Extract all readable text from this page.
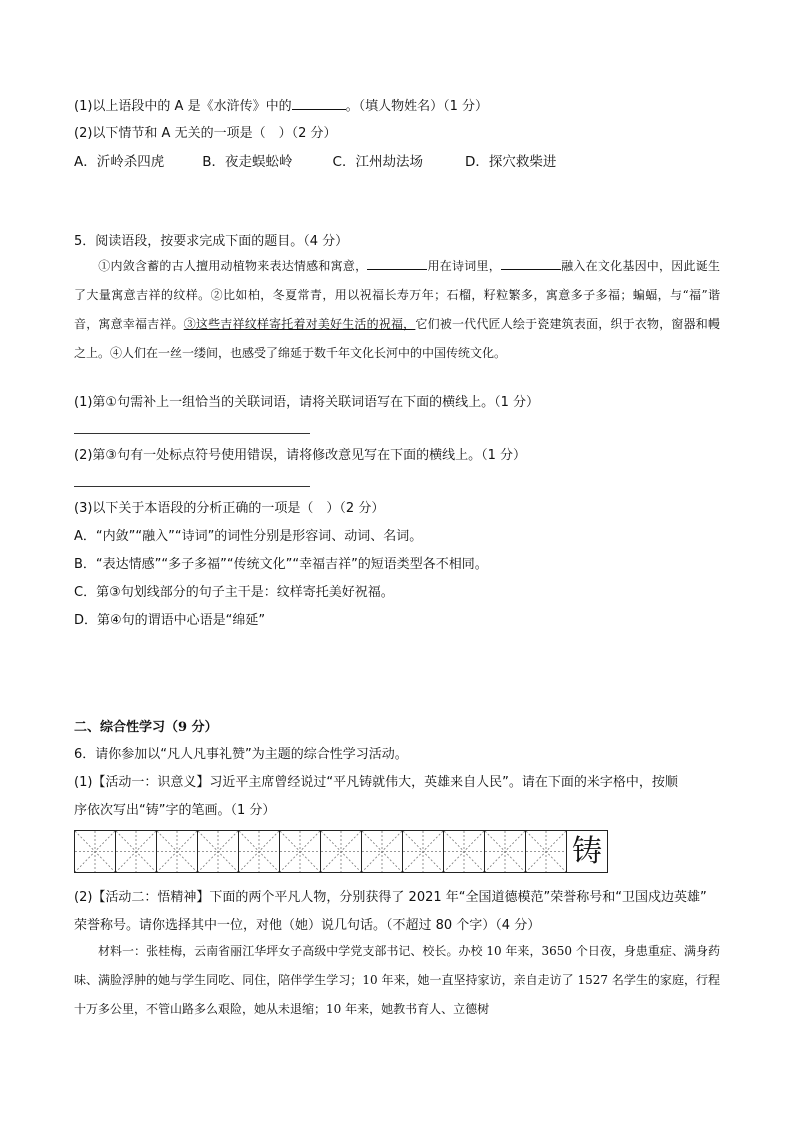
(1)以上语段中的 A 是《水浒传》中的	。（填人物姓名）（1 分）
(2)以下情节和 A 无关的一项是（　）（2 分）
A．沂岭杀四虎	B．夜走蜈蚣岭	C．江州劫法场	D．探穴救柴进
5．阅读语段，按要求完成下面的题目。（4 分）
①内敛含蓄的古人擅用动植物来表达情感和寓意，	用在诗词里，	融入在文化基因中，因此诞生了大量寓意吉祥的纹样。②比如柏，冬夏常青，用以祝福长寿万年；石榴，籽粒繁多，寓意多子多福；蝙蝠，与“福”谐音，寓意幸福吉祥。③这些吉祥纹样寄托着对美好生活的祝福，它们被一代代匠人绘于瓷建筑表面，织于衣物，窗器和幔之上。④人们在一丝一缕间，也感受了绵延于数千年文化长河中的中国传统文化。
(1)第①句需补上一组恰当的关联词语，请将关联词语写在下面的横线上。（1 分）
(2)第③句有一处标点符号使用错误，请将修改意见写在下面的横线上。（1 分）
(3)以下关于本语段的分析正确的一项是（　）（2 分）
A．“内敛”“融入”“诗词”的词性分别是形容词、动词、名词。
B．“表达情感”“多子多福”“传统文化”“幸福吉祥”的短语类型各不相同。
C．第③句划线部分的句子主干是：纹样寄托美好祝福。
D．第④句的谓语中心语是“绵延”
二、综合性学习（9 分）
6．请你参加以“凡人凡事礼赞”为主题的综合性学习活动。
(1)【活动一：识意义】习近平主席曾经说过“平凡铸就伟大，英雄来自人民”。请在下面的米字格中，按顺
序依次写出“铸”字的笔画。（1 分）
铸
(2)【活动二：悟精神】下面的两个平凡人物，分别获得了 2021 年“全国道德模范”荣誉称号和“卫国戍边英雄”
荣誉称号。请你选择其中一位，对他（她）说几句话。（不超过 80 个字）（4 分）
材料一：张桂梅，云南省丽江华坪女子高级中学党支部书记、校长。办校 10 年来，3650 个日夜，身患重症、满身药味、满脸浮肿的她与学生同吃、同住，陪伴学生学习；10 年来，她一直坚持家访，亲自走访了 1527 名学生的家庭，行程十万多公里，不管山路多么艰险，她从未退缩；10 年来，她教书育人、立德树
